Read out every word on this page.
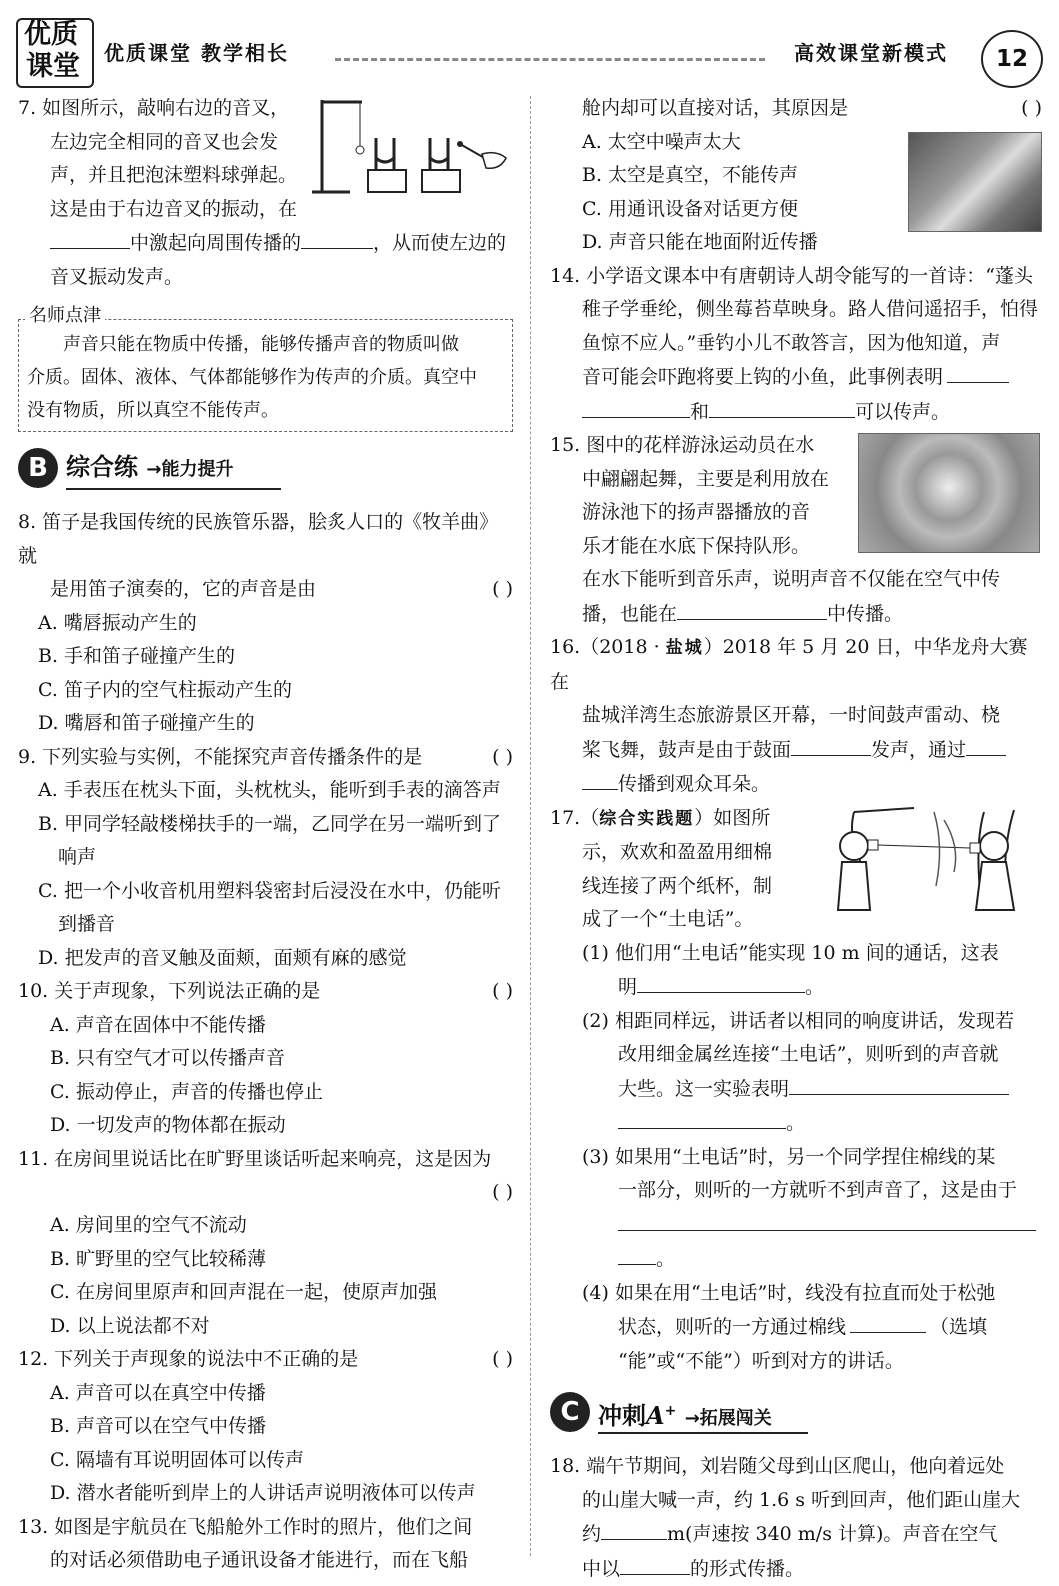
优质
课堂 优质课堂 教学相长	高效课堂新模式	12

7. 如图所示，敲响右边的音叉，

左边完全相同的音叉也会发

声，并且把泡沫塑料球弹起。

这是由于右边音叉的振动，在

中激起向周围传播的	，从而使左边的

音叉振动发声。

名师点津

声音只能在物质中传播，能够传播声音的物质叫做

介质。固体、液体、气体都能够作为传声的介质。真空中

没有物质，所以真空不能传声。

B 综合练 →能力提升

8. 笛子是我国传统的民族管乐器，脍炙人口的《牧羊曲》就

是用笛子演奏的，它的声音是由	( )

A. 嘴唇振动产生的

B. 手和笛子碰撞产生的

C. 笛子内的空气柱振动产生的

D. 嘴唇和笛子碰撞产生的

9. 下列实验与实例，不能探究声音传播条件的是	( )

A. 手表压在枕头下面，头枕枕头，能听到手表的滴答声

B. 甲同学轻敲楼梯扶手的一端，乙同学在另一端听到了

响声

C. 把一个小收音机用塑料袋密封后浸没在水中，仍能听

到播音

D. 把发声的音叉触及面颊，面颊有麻的感觉

10. 关于声现象，下列说法正确的是	( )

A. 声音在固体中不能传播

B. 只有空气才可以传播声音

C. 振动停止，声音的传播也停止

D. 一切发声的物体都在振动

11. 在房间里说话比在旷野里谈话听起来响亮，这是因为

( )

A. 房间里的空气不流动

B. 旷野里的空气比较稀薄

C. 在房间里原声和回声混在一起，使原声加强

D. 以上说法都不对

12. 下列关于声现象的说法中不正确的是	( )

A. 声音可以在真空中传播

B. 声音可以在空气中传播

C. 隔墙有耳说明固体可以传声

D. 潜水者能听到岸上的人讲话声说明液体可以传声

13. 如图是宇航员在飞船舱外工作时的照片，他们之间

的对话必须借助电子通讯设备才能进行，而在飞船

舱内却可以直接对话，其原因是	( )

A. 太空中噪声太大

B. 太空是真空，不能传声

C. 用通讯设备对话更方便

D. 声音只能在地面附近传播

14. 小学语文课本中有唐朝诗人胡令能写的一首诗：“蓬头

稚子学垂纶，侧坐莓苔草映身。路人借问遥招手，怕得

鱼惊不应人。”垂钓小儿不敢答言，因为他知道，声

音可能会吓跑将要上钩的小鱼，此事例表明

和	可以传声。

15. 图中的花样游泳运动员在水

中翩翩起舞，主要是利用放在

游泳池下的扬声器播放的音

乐才能在水底下保持队形。

在水下能听到音乐声，说明声音不仅能在空气中传

播，也能在	中传播。

16.（2018 · 盐城）2018 年 5 月 20 日，中华龙舟大赛在

盐城洋湾生态旅游景区开幕，一时间鼓声雷动、桡

桨飞舞，鼓声是由于鼓面	发声，通过

传播到观众耳朵。

17.（综合实践题）如图所

示，欢欢和盈盈用细棉

线连接了两个纸杯，制

成了一个“土电话”。

(1) 他们用“土电话”能实现 10 m 间的通话，这表

明	。

(2) 相距同样远，讲话者以相同的响度讲话，发现若

改用细金属丝连接“土电话”，则听到的声音就

大些。这一实验表明

。

(3) 如果用“土电话”时，另一个同学捏住棉线的某

一部分，则听的一方就听不到声音了，这是由于

。

(4) 如果在用“土电话”时，线没有拉直而处于松弛

状态，则听的一方通过棉线	（选填

“能”或“不能”）听到对方的讲话。

C 冲刺A+ →拓展闯关

18. 端午节期间，刘岩随父母到山区爬山，他向着远处

的山崖大喊一声，约 1.6 s 听到回声，他们距山崖大

约	m(声速按 340 m/s 计算)。声音在空气

中以	的形式传播。
